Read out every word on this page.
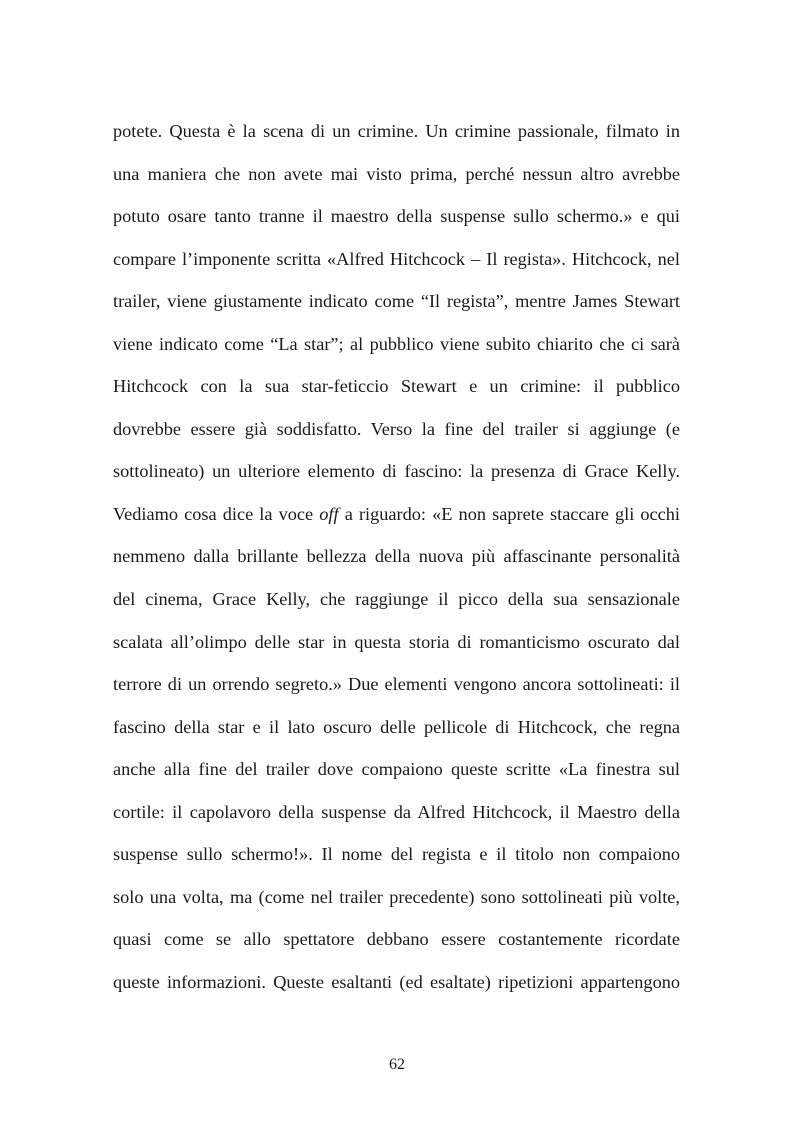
potete. Questa è la scena di un crimine. Un crimine passionale, filmato in
una maniera che non avete mai visto prima, perché nessun altro avrebbe
potuto osare tanto tranne il maestro della suspense sullo schermo.» e qui
compare l’imponente scritta «Alfred Hitchcock – Il regista». Hitchcock, nel
trailer, viene giustamente indicato come “Il regista”, mentre James Stewart
viene indicato come “La star”; al pubblico viene subito chiarito che ci sarà
Hitchcock con la sua star-feticcio Stewart e un crimine: il pubblico
dovrebbe essere già soddisfatto. Verso la fine del trailer si aggiunge (e
sottolineato) un ulteriore elemento di fascino: la presenza di Grace Kelly.
Vediamo cosa dice la voce off a riguardo: «E non saprete staccare gli occhi
nemmeno dalla brillante bellezza della nuova più affascinante personalità
del cinema, Grace Kelly, che raggiunge il picco della sua sensazionale
scalata all’olimpo delle star in questa storia di romanticismo oscurato dal
terrore di un orrendo segreto.» Due elementi vengono ancora sottolineati: il
fascino della star e il lato oscuro delle pellicole di Hitchcock, che regna
anche alla fine del trailer dove compaiono queste scritte «La finestra sul
cortile: il capolavoro della suspense da Alfred Hitchcock, il Maestro della
suspense sullo schermo!». Il nome del regista e il titolo non compaiono
solo una volta, ma (come nel trailer precedente) sono sottolineati più volte,
quasi come se allo spettatore debbano essere costantemente ricordate
queste informazioni. Queste esaltanti (ed esaltate) ripetizioni appartengono

62
